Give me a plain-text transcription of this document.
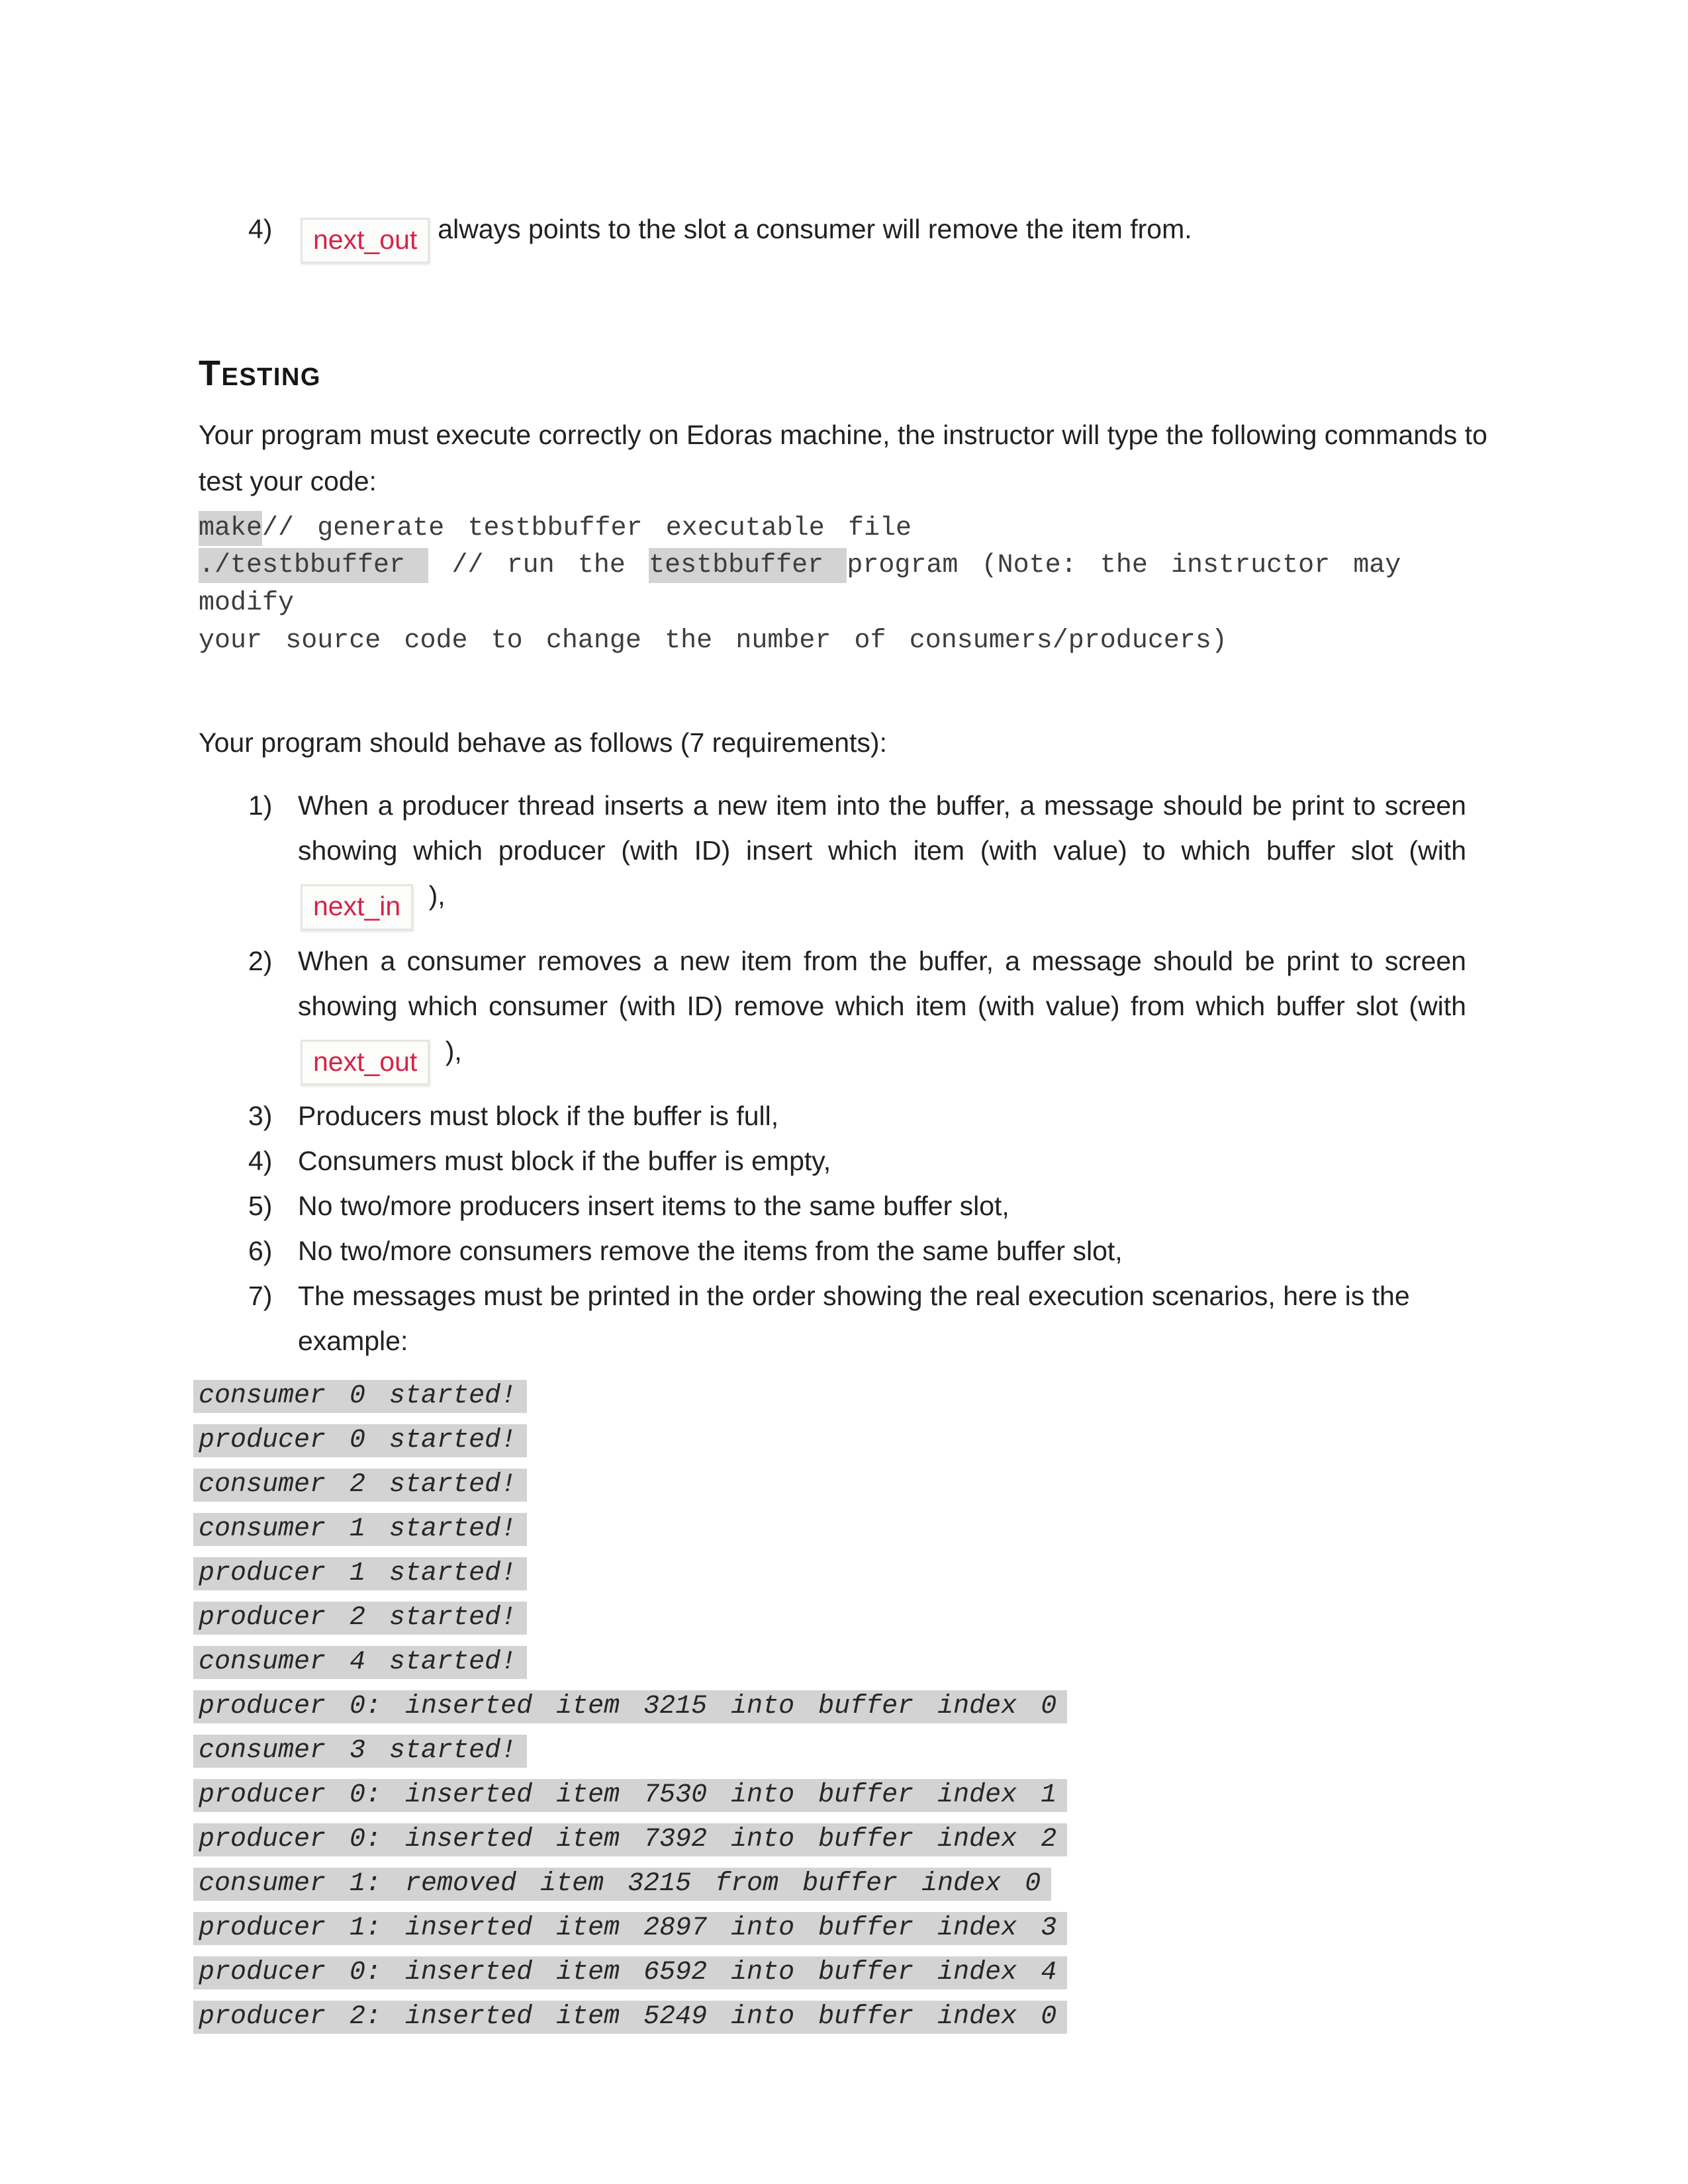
4) next_out always points to the slot a consumer will remove the item from.
Testing

Your program must execute correctly on Edoras machine, the instructor will type the following commands to test your code:

make// generate testbbuffer executable file
./testbbuffer  // run the testbbuffer program (Note: the instructor may modify
your source code to change the number of consumers/producers)

Your program should behave as follows (7 requirements):

1) When a producer thread inserts a new item into the buffer, a message should be print to screen showing which producer (with ID) insert which item (with value) to which buffer slot (with next_in ),
2) When a consumer removes a new item from the buffer, a message should be print to screen showing which consumer (with ID) remove which item (with value) from which buffer slot (with next_out ),
3) Producers must block if the buffer is full,
4) Consumers must block if the buffer is empty,
5) No two/more producers insert items to the same buffer slot,
6) No two/more consumers remove the items from the same buffer slot,
7) The messages must be printed in the order showing the real execution scenarios, here is the example:
consumer 0 started!
producer 0 started!
consumer 2 started!
consumer 1 started!
producer 1 started!
producer 2 started!
consumer 4 started!
producer 0: inserted item 3215 into buffer index 0
consumer 3 started!
producer 0: inserted item 7530 into buffer index 1
producer 0: inserted item 7392 into buffer index 2
consumer 1: removed item 3215 from buffer index 0
producer 1: inserted item 2897 into buffer index 3
producer 0: inserted item 6592 into buffer index 4
producer 2: inserted item 5249 into buffer index 0
